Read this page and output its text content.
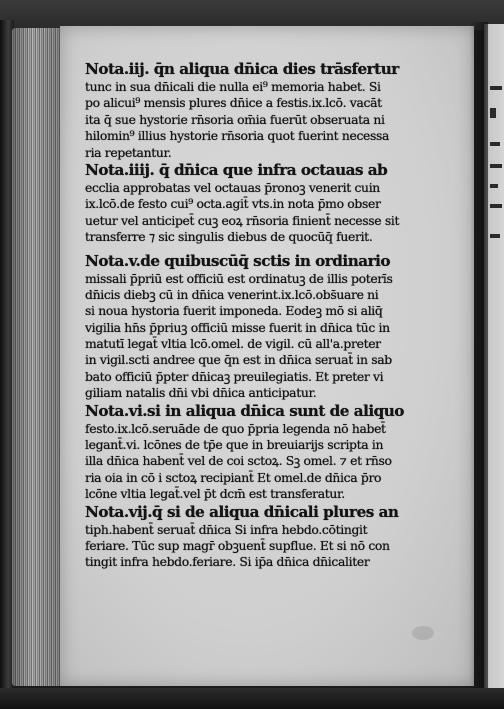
Nota.iij. q̄n aliqua dn̄ica dies trāsfertur
tunc in sua dn̄icali die nulla ei⁹ memoria habet. Si
po alicui⁹ mensis plures dn̄ice a festis.ix.lcō. vacāt
ita q̄ sue hystorie rn̄soria om̄ia fuerūt obseruata ni
hilomin⁹ illius hystorie rn̄soria quot fuerint necessa
ria repetantur.
Nota.iiij. q̄ dn̄ica que infra octauas ab
ecclia approbatas vel octauas p̄ronoꝫ venerit cuin
ix.lcō.de festo cui⁹ octa.agit̄ vts.in nota p̄mo obser
uetur vel anticipet̄ cuꝫ eoꝝ rn̄soria finient̄ necesse sit
transferre ⁊ sic singulis diebus de quocūq̄ fuerit.
Nota.v.de quibuscūq̄ sctis in ordinario
missali p̄priū est officiū est ordinatuꝫ de illis poterīs
dn̄icis diebꝫ cū in dn̄ica venerint.ix.lcō.obs̄uare ni
si noua hystoria fuerit imponeda. Eodeꝫ mō si aliq̄
vigilia hn̄s p̄priuꝫ officiū misse fuerit in dn̄ica tūc in
matutī legat̄ vltia lcō.omel. de vigil. cū all'a.preter
in vigil.scti andree que q̄n est in dn̄ica seruat̄ in sab
bato officiū p̄pter dn̄icaꝫ preuilegiatis. Et preter vi
giliam natalis dn̄i vbi dn̄ica anticipatur.
Nota.vi.si in aliqua dn̄ica sunt de aliquo
festo.ix.lcō.seruāde de quo p̄pria legenda nō habet̄
legant̄.vi. lcōnes de tp̄e que in breuiarijs scripta in
illa dn̄ica habent̄ vel de coi sctoꝝ. Sꝫ omel. ⁊ et rn̄so
ria oia in cō i sctoꝝ recipiant̄ Et omel.de dn̄ica p̄ro
lcōne vltia legat̄.vel p̄t dcm̄ est transferatur.
Nota.vij.q̄ si de aliqua dn̄icali plures an
tiph.habent̄ seruat̄ dn̄ica Si infra hebdo.cōtingit
feriare. Tūc sup magr̄ obꝫuent̄ supflue. Et si nō con
tingit infra hebdo.feriare. Si ip̄a dn̄ica dn̄icaliter
